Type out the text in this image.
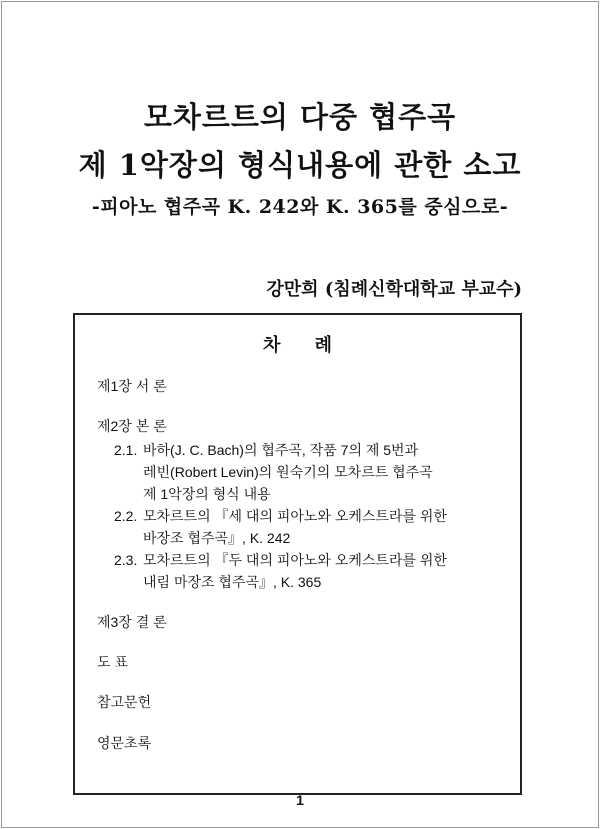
모차르트의 다중 협주곡
제 1악장의 형식내용에 관한 소고
-피아노 협주곡 K. 242와 K. 365를 중심으로-
강만희 (침례신학대학교 부교수)
차 례
제1장 서 론
제2장 본 론
2.1. 바하(J. C. Bach)의 협주곡, 작품 7의 제 5번과
레빈(Robert Levin)의 원숙기의 모차르트 협주곡
제 1악장의 형식 내용
2.2. 모차르트의 『세 대의 피아노와 오케스트라를 위한
바장조 협주곡』, K. 242
2.3. 모차르트의 『두 대의 피아노와 오케스트라를 위한
내림 마장조 협주곡』, K. 365
제3장 결 론
도 표
참고문헌
영문초록
1
